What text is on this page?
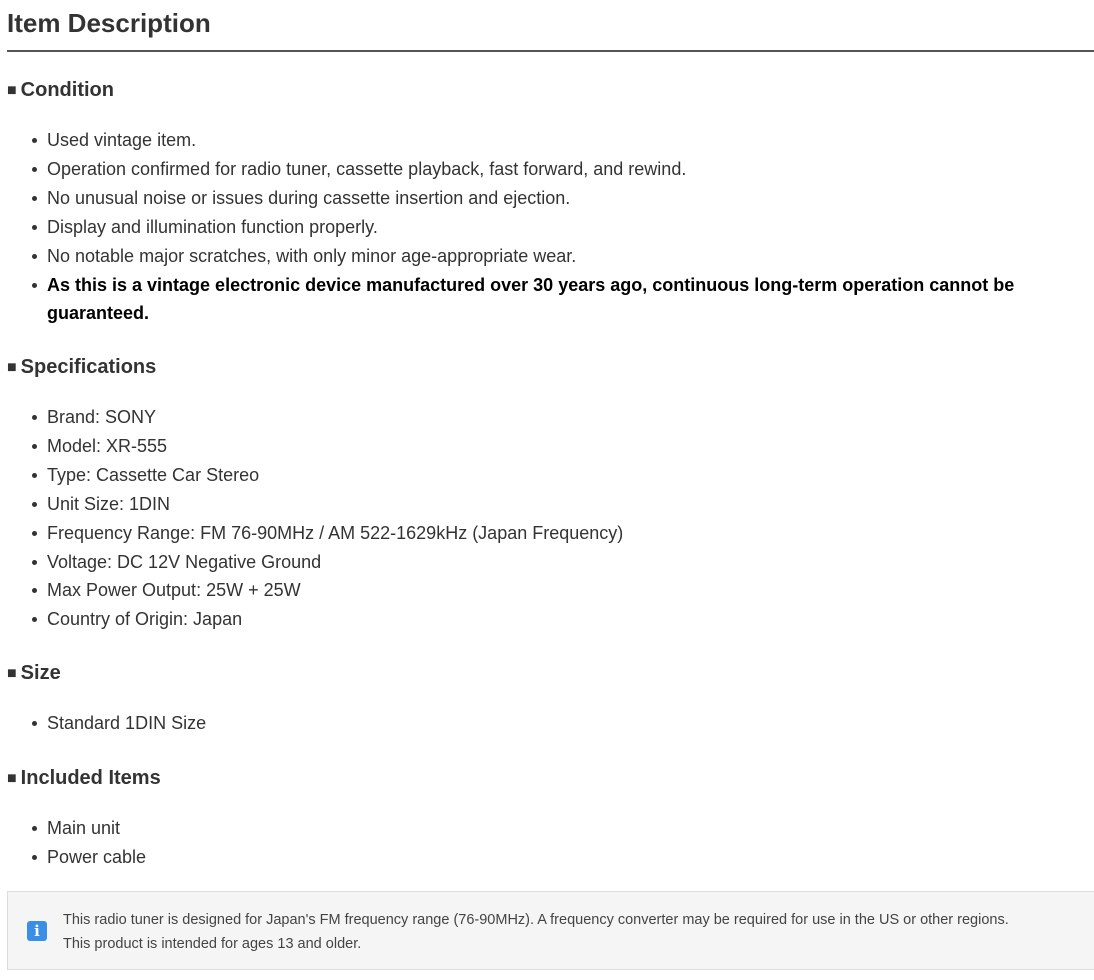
Item Description
■ Condition
Used vintage item.
Operation confirmed for radio tuner, cassette playback, fast forward, and rewind.
No unusual noise or issues during cassette insertion and ejection.
Display and illumination function properly.
No notable major scratches, with only minor age-appropriate wear.
As this is a vintage electronic device manufactured over 30 years ago, continuous long-term operation cannot be guaranteed.
■ Specifications
Brand: SONY
Model: XR-555
Type: Cassette Car Stereo
Unit Size: 1DIN
Frequency Range: FM 76-90MHz / AM 522-1629kHz (Japan Frequency)
Voltage: DC 12V Negative Ground
Max Power Output: 25W + 25W
Country of Origin: Japan
■ Size
Standard 1DIN Size
■ Included Items
Main unit
Power cable
i

This radio tuner is designed for Japan's FM frequency range (76-90MHz). A frequency converter may be required for use in the US or other regions.

This product is intended for ages 13 and older.
